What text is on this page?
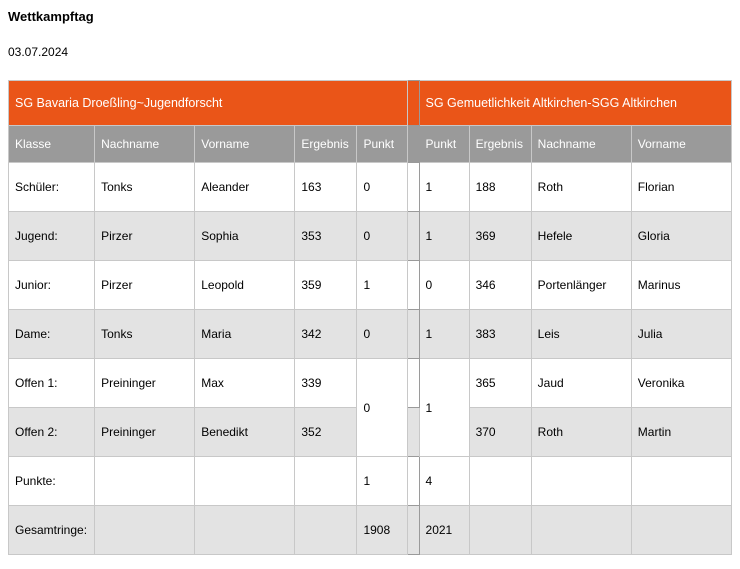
Wettkampftag
03.07.2024
SG Bavaria Droeßling~Jugendforscht						SG Gemuetlichkeit Altkirchen-SGG Altkirchen			
Klasse	Nachname	Vorname	Ergebnis	Punkt		Punkt	Ergebnis	Nachname	Vorname
Schüler:	Tonks	Aleander	163	0		1	188	Roth	Florian
Jugend:	Pirzer	Sophia	353	0		1	369	Hefele	Gloria
Junior:	Pirzer	Leopold	359	1		0	346	Portenlänger	Marinus
Dame:	Tonks	Maria	342	0		1	383	Leis	Julia
Offen 1:	Preininger	Max	339	0		1	365	Jaud	Veronika
Offen 2:	Preininger	Benedikt	352				370	Roth	Martin
Punkte:				1		4			
Gesamtringe:				1908		2021			
